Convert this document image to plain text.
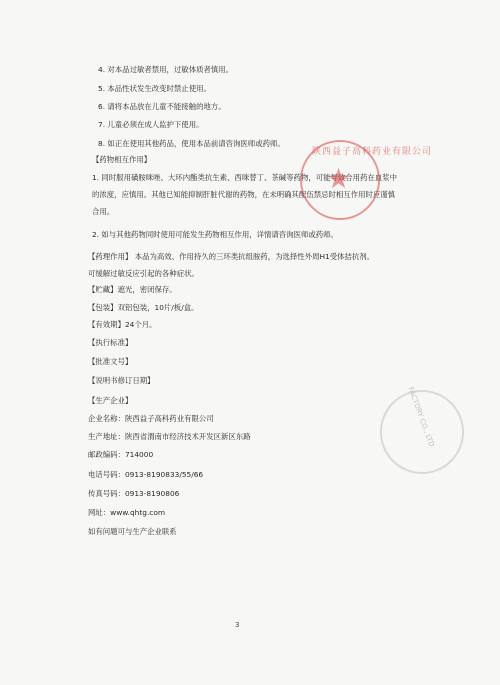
4. 对本品过敏者禁用，过敏体质者慎用。
5. 本品性状发生改变时禁止使用。
6. 请将本品放在儿童不能接触的地方。
7. 儿童必须在成人监护下使用。
8. 如正在使用其他药品，使用本品前请咨询医师或药师。
【药物相互作用】
1. 同时服用磺胺咪唑、大环内酯类抗生素、西咪替丁、茶碱等药物，可能导致合用药在血浆中
的浓度，应慎用。其他已知能抑制肝脏代谢的药物，在未明确其配伍禁忌时相互作用时应谨慎
合用。
2. 如与其他药物同时使用可能发生药物相互作用，详情请咨询医师或药师。
【药理作用】 本品为高效、作用持久的三环类抗组胺药，为选择性外周H1受体拮抗剂。
可缓解过敏反应引起的各种症状。
【贮藏】遮光，密闭保存。
【包装】双铝包装，10片/板/盒。
【有效期】24个月。
【执行标准】
【批准文号】
【说明书修订日期】
【生产企业】
企业名称：陕西益子高科药业有限公司
生产地址：陕西省渭南市经济技术开发区新区东路
邮政编码：714000
电话号码：0913-8190833/55/66
传真号码：0913-8190806
网址：www.qhtg.com
如有问题可与生产企业联系
★
陕西益子高科药业有限公司
FACTORY CO., LTD
3
